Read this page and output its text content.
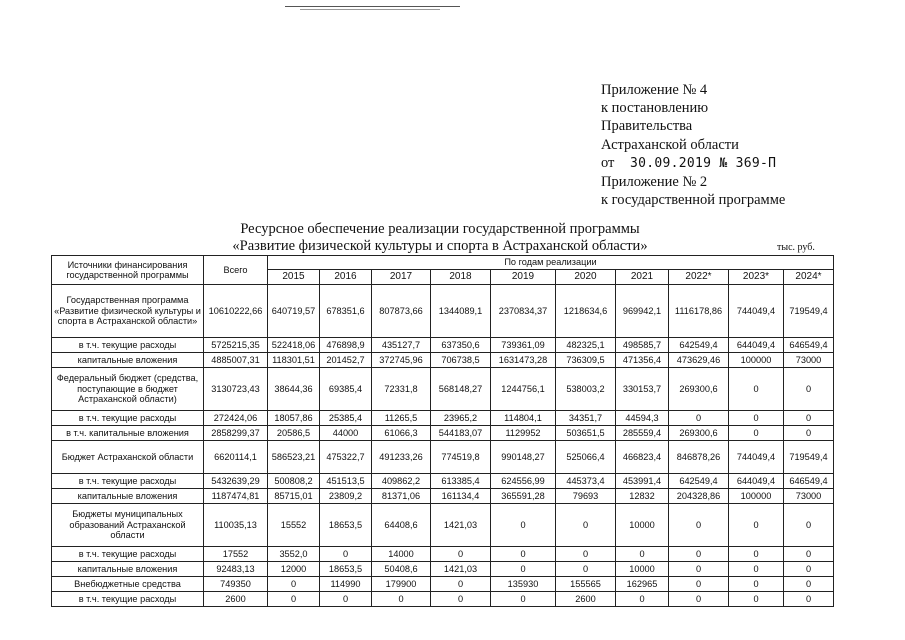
Приложение № 4
к постановлению
Правительства
Астраханской области
от 30.09.2019 № 369-П
Приложение № 2
к государственной программе
Ресурсное обеспечение реализации государственной программы
«Развитие физической культуры и спорта в Астраханской области»	тыс. руб.
Источники финансирования государственной программы	Всего	По годам реализации									
		2015	2016	2017	2018	2019	2020	2021	2022*	2023*	2024*
Государственная программа «Развитие физической культуры и спорта в Астраханской области»	10610222,66	640719,57	678351,6	807873,66	1344089,1	2370834,37	1218634,6	969942,1	1116178,86	744049,4	719549,4
в т.ч. текущие расходы	5725215,35	522418,06	476898,9	435127,7	637350,6	739361,09	482325,1	498585,7	642549,4	644049,4	646549,4
капитальные вложения	4885007,31	118301,51	201452,7	372745,96	706738,5	1631473,28	736309,5	471356,4	473629,46	100000	73000
Федеральный бюджет (средства, поступающие в бюджет Астраханской области)	3130723,43	38644,36	69385,4	72331,8	568148,27	1244756,1	538003,2	330153,7	269300,6	0	0
в т.ч. текущие расходы	272424,06	18057,86	25385,4	11265,5	23965,2	114804,1	34351,7	44594,3	0	0	0
в т.ч. капитальные вложения	2858299,37	20586,5	44000	61066,3	544183,07	1129952	503651,5	285559,4	269300,6	0	0
Бюджет Астраханской области	6620114,1	586523,21	475322,7	491233,26	774519,8	990148,27	525066,4	466823,4	846878,26	744049,4	719549,4
в т.ч. текущие расходы	5432639,29	500808,2	451513,5	409862,2	613385,4	624556,99	445373,4	453991,4	642549,4	644049,4	646549,4
капитальные вложения	1187474,81	85715,01	23809,2	81371,06	161134,4	365591,28	79693	12832	204328,86	100000	73000
Бюджеты муниципальных образований Астраханской области	110035,13	15552	18653,5	64408,6	1421,03	0	0	10000	0	0	0
в т.ч. текущие расходы	17552	3552,0	0	14000	0	0	0	0	0	0	0
капитальные вложения	92483,13	12000	18653,5	50408,6	1421,03	0	0	10000	0	0	0
Внебюджетные средства	749350	0	114990	179900	0	135930	155565	162965	0	0	0
в т.ч. текущие расходы	2600	0	0	0	0	0	2600	0	0	0	0
